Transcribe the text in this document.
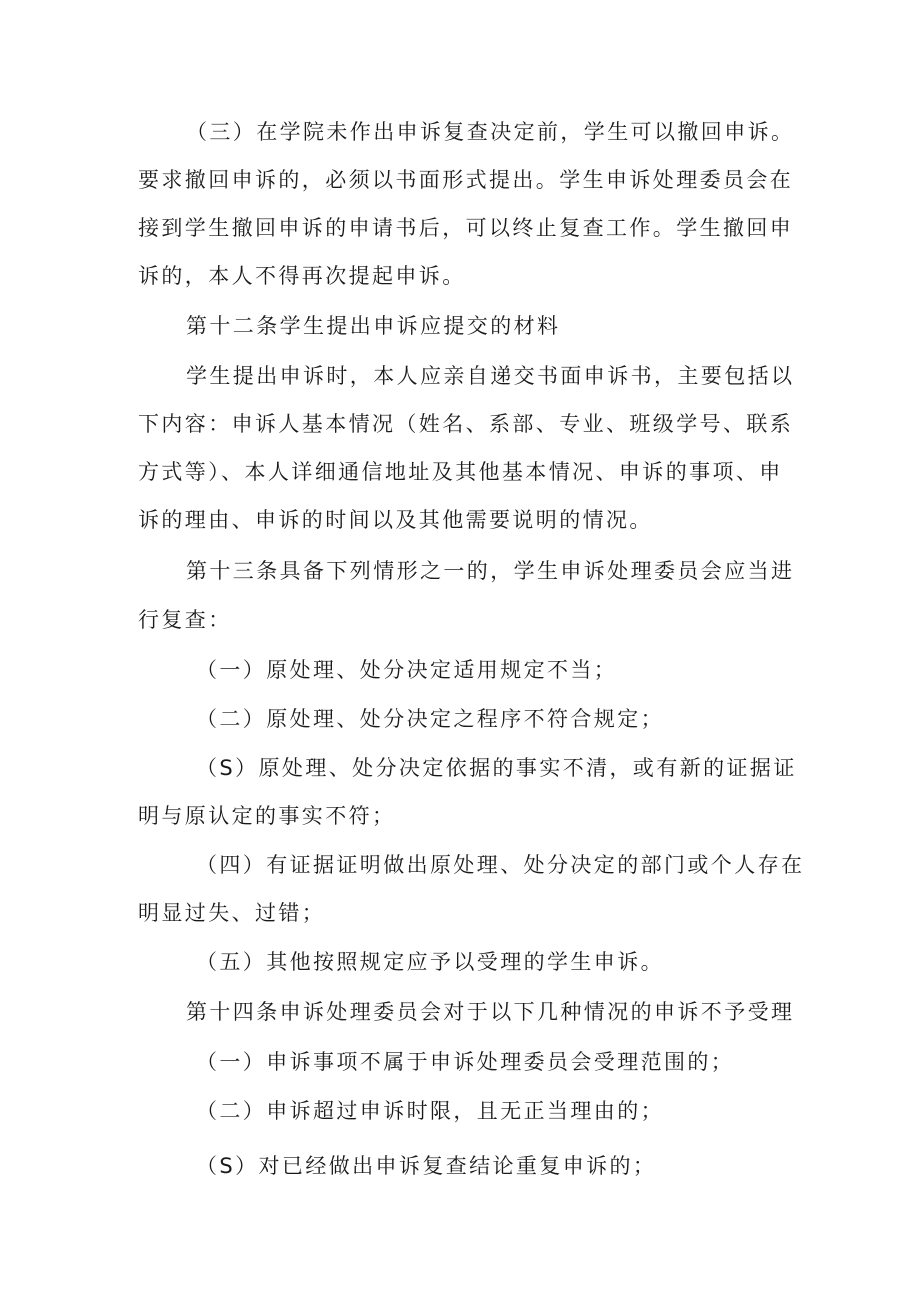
（三）在学院未作出申诉复查决定前，学生可以撤回申诉。
要求撤回申诉的，必须以书面形式提出。学生申诉处理委员会在
接到学生撤回申诉的申请书后，可以终止复查工作。学生撤回申
诉的，本人不得再次提起申诉。
第十二条学生提出申诉应提交的材料
学生提出申诉时，本人应亲自递交书面申诉书，主要包括以
下内容：申诉人基本情况（姓名、系部、专业、班级学号、联系
方式等）、本人详细通信地址及其他基本情况、申诉的事项、申
诉的理由、申诉的时间以及其他需要说明的情况。
第十三条具备下列情形之一的，学生申诉处理委员会应当进
行复查：
（一）原处理、处分决定适用规定不当；
（二）原处理、处分决定之程序不符合规定；
（S）原处理、处分决定依据的事实不清，或有新的证据证
明与原认定的事实不符；
（四）有证据证明做出原处理、处分决定的部门或个人存在
明显过失、过错；
（五）其他按照规定应予以受理的学生申诉。
第十四条申诉处理委员会对于以下几种情况的申诉不予受理
（一）申诉事项不属于申诉处理委员会受理范围的；
（二）申诉超过申诉时限，且无正当理由的；
（S）对已经做出申诉复查结论重复申诉的；
